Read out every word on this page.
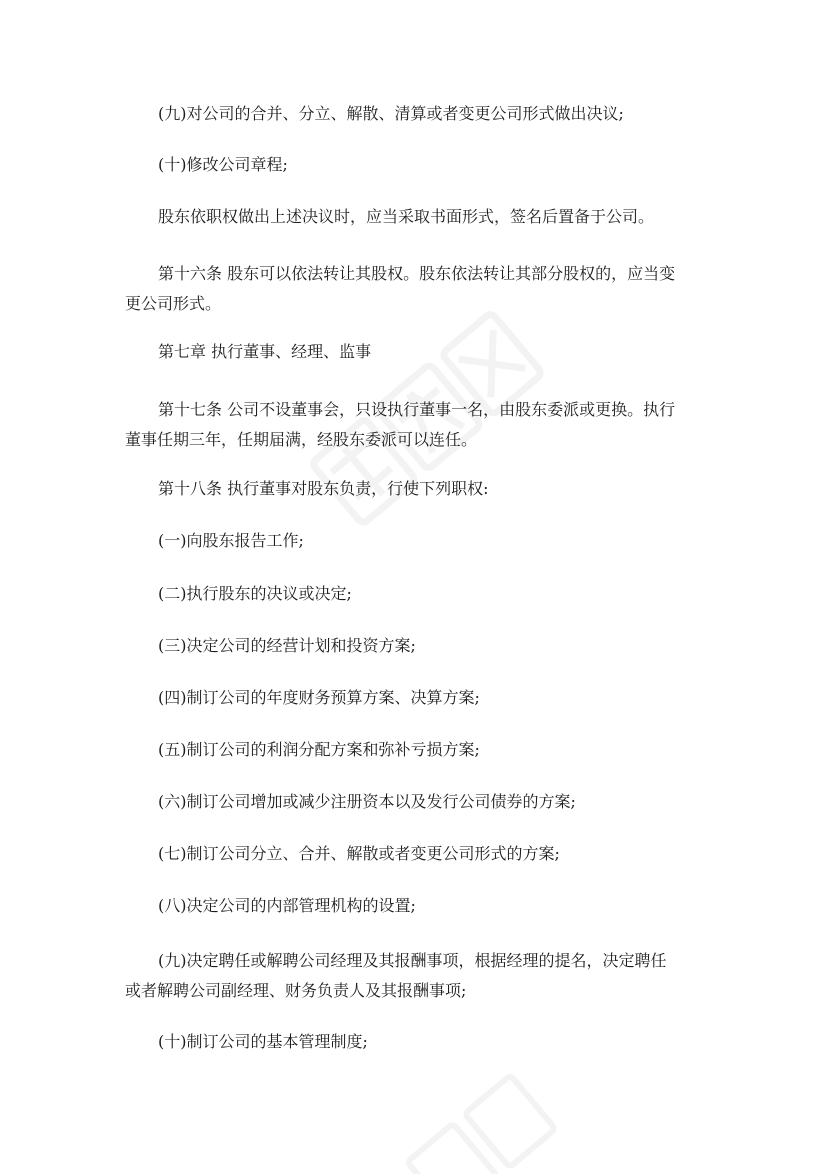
(九)对公司的合并、分立、解散、清算或者变更公司形式做出决议;

(十)修改公司章程;

股东依职权做出上述决议时，应当采取书面形式，签名后置备于公司。

第十六条 股东可以依法转让其股权。股东依法转让其部分股权的，应当变
更公司形式。

第七章 执行董事、经理、监事

第十七条 公司不设董事会，只设执行董事一名，由股东委派或更换。执行
董事任期三年，任期届满，经股东委派可以连任。

第十八条 执行董事对股东负责，行使下列职权:

(一)向股东报告工作;

(二)执行股东的决议或决定;

(三)决定公司的经营计划和投资方案;

(四)制订公司的年度财务预算方案、决算方案;

(五)制订公司的利润分配方案和弥补亏损方案;

(六)制订公司增加或减少注册资本以及发行公司债券的方案;

(七)制订公司分立、合并、解散或者变更公司形式的方案;

(八)决定公司的内部管理机构的设置;

(九)决定聘任或解聘公司经理及其报酬事项，根据经理的提名，决定聘任
或者解聘公司副经理、财务负责人及其报酬事项;

(十)制订公司的基本管理制度;
